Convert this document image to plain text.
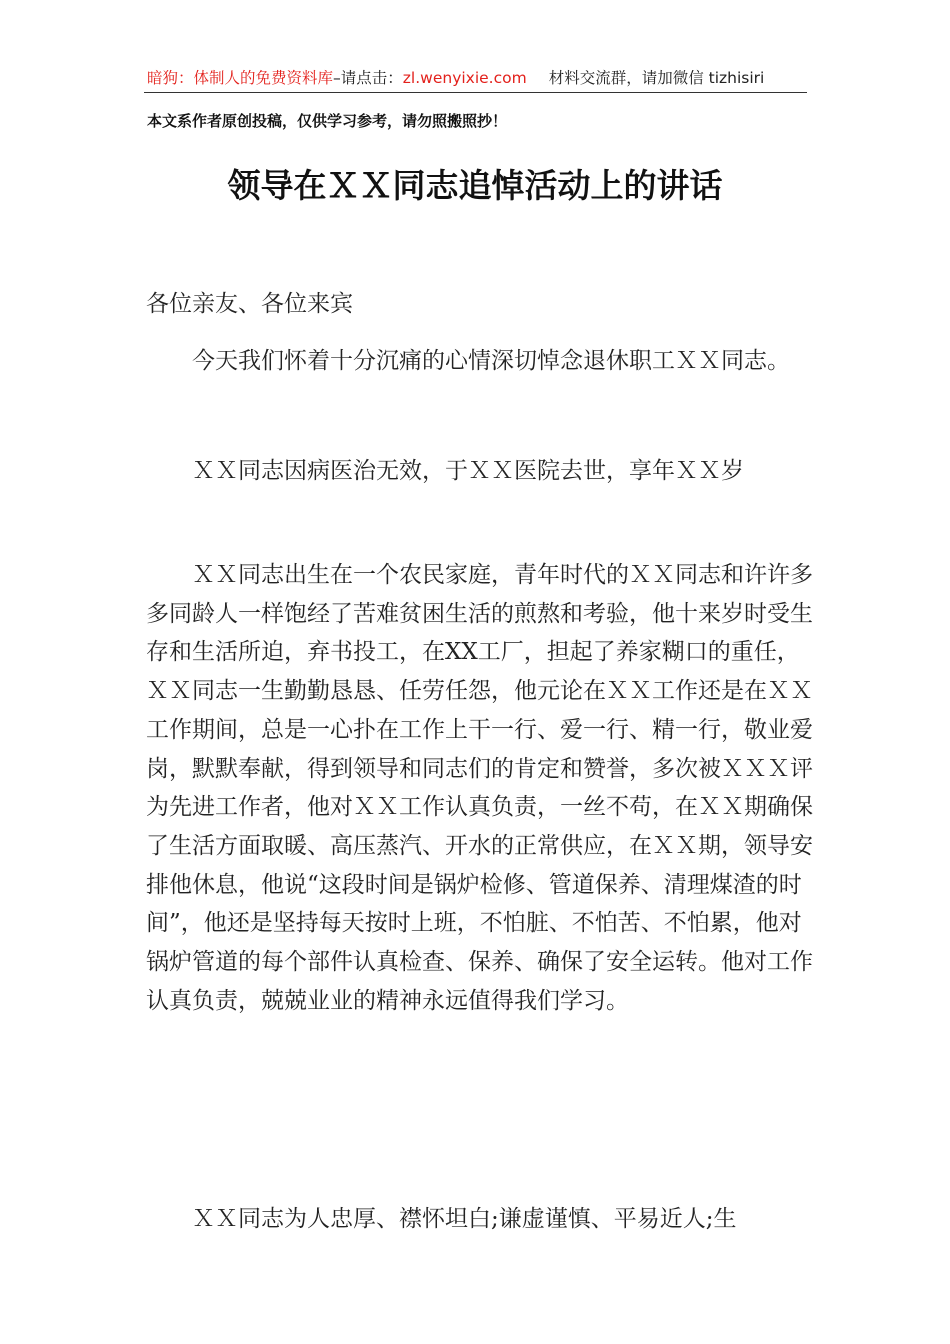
暗狗：体制人的免费资料库–请点击：zl.wenyixie.com 材料交流群，请加微信 tizhisiri
本文系作者原创投稿，仅供学习参考，请勿照搬照抄！
领导在ＸＸ同志追悼活动上的讲话
各位亲友、各位来宾

今天我们怀着十分沉痛的心情深切悼念退休职工ＸＸ同志。

ＸＸ同志因病医治无效，于ＸＸ医院去世，享年ＸＸ岁

ＸＸ同志出生在一个农民家庭，青年时代的ＸＸ同志和许许多多同龄人一样饱经了苦难贫困生活的煎熬和考验，他十来岁时受生存和生活所迫，弃书投工，在XX工厂，担起了养家糊口的重任，ＸＸ同志一生勤勤恳恳、任劳任怨，他元论在ＸＸ工作还是在ＸＸ工作期间，总是一心扑在工作上干一行、爱一行、精一行，敬业爱岗，默默奉献，得到领导和同志们的肯定和赞誉，多次被ＸＸＸ评为先进工作者，他对ＸＸ工作认真负责，一丝不苟，在ＸＸ期确保了生活方面取暖、高压蒸汽、开水的正常供应，在ＸＸ期，领导安排他休息，他说“这段时间是锅炉检修、管道保养、清理煤渣的时间”，他还是坚持每天按时上班，不怕脏、不怕苦、不怕累，他对锅炉管道的每个部件认真检查、保养、确保了安全运转。他对工作认真负责，兢兢业业的精神永远值得我们学习。

ＸＸ同志为人忠厚、襟怀坦白;谦虚谨慎、平易近人;生
